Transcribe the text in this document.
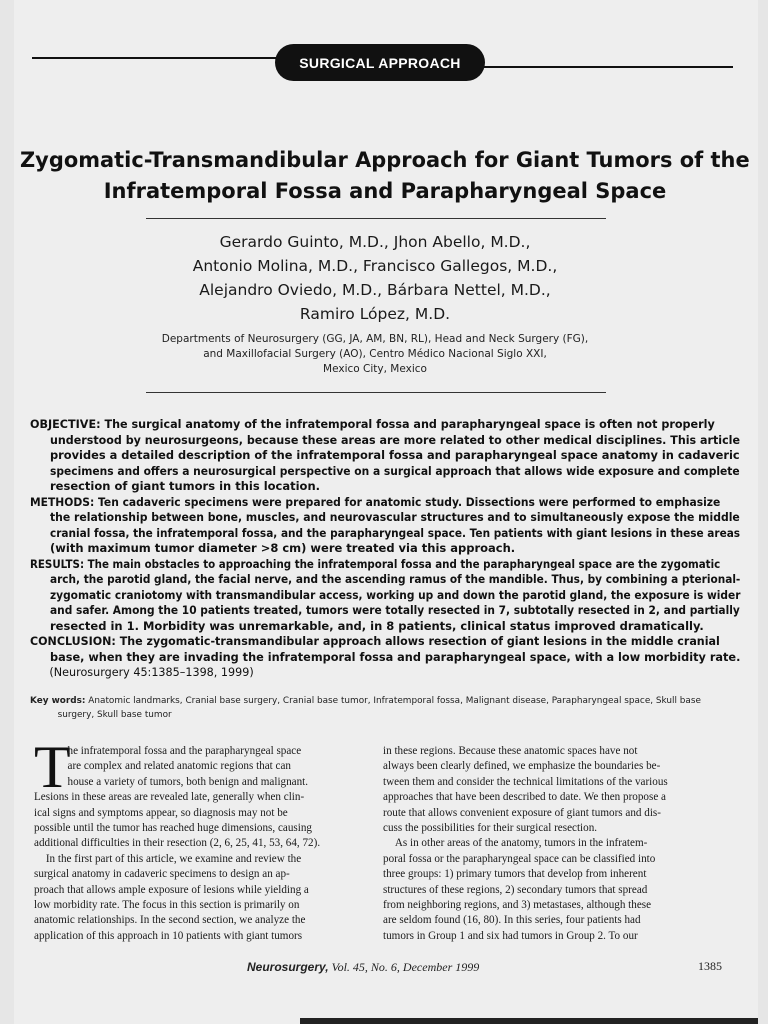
SURGICAL APPROACH
Zygomatic-Transmandibular Approach for Giant Tumors of the
Infratemporal Fossa and Parapharyngeal Space
Gerardo Guinto, M.D., Jhon Abello, M.D.,
Antonio Molina, M.D., Francisco Gallegos, M.D.,
Alejandro Oviedo, M.D., Bárbara Nettel, M.D.,
Ramiro López, M.D.
Departments of Neurosurgery (GG, JA, AM, BN, RL), Head and Neck Surgery (FG),
and Maxillofacial Surgery (AO), Centro Médico Nacional Siglo XXI,
Mexico City, Mexico
OBJECTIVE: The surgical anatomy of the infratemporal fossa and parapharyngeal space is often not properly
understood by neurosurgeons, because these areas are more related to other medical disciplines. This article
provides a detailed description of the infratemporal fossa and parapharyngeal space anatomy in cadaveric
specimens and offers a neurosurgical perspective on a surgical approach that allows wide exposure and complete
resection of giant tumors in this location.
METHODS: Ten cadaveric specimens were prepared for anatomic study. Dissections were performed to emphasize
the relationship between bone, muscles, and neurovascular structures and to simultaneously expose the middle
cranial fossa, the infratemporal fossa, and the parapharyngeal space. Ten patients with giant lesions in these areas
(with maximum tumor diameter >8 cm) were treated via this approach.
RESULTS: The main obstacles to approaching the infratemporal fossa and the parapharyngeal space are the zygomatic
arch, the parotid gland, the facial nerve, and the ascending ramus of the mandible. Thus, by combining a pterional-
zygomatic craniotomy with transmandibular access, working up and down the parotid gland, the exposure is wider
and safer. Among the 10 patients treated, tumors were totally resected in 7, subtotally resected in 2, and partially
resected in 1. Morbidity was unremarkable, and, in 8 patients, clinical status improved dramatically.
CONCLUSION: The zygomatic-transmandibular approach allows resection of giant lesions in the middle cranial
base, when they are invading the infratemporal fossa and parapharyngeal space, with a low morbidity rate.
(Neurosurgery 45:1385–1398, 1999)
Key words: Anatomic landmarks, Cranial base surgery, Cranial base tumor, Infratemporal fossa, Malignant disease, Parapharyngeal space, Skull base
surgery, Skull base tumor
T
he infratemporal fossa and the parapharyngeal space
are complex and related anatomic regions that can
house a variety of tumors, both benign and malignant.
Lesions in these areas are revealed late, generally when clin-
ical signs and symptoms appear, so diagnosis may not be
possible until the tumor has reached huge dimensions, causing
additional difficulties in their resection (2, 6, 25, 41, 53, 64, 72).
In the first part of this article, we examine and review the
surgical anatomy in cadaveric specimens to design an ap-
proach that allows ample exposure of lesions while yielding a
low morbidity rate. The focus in this section is primarily on
anatomic relationships. In the second section, we analyze the
application of this approach in 10 patients with giant tumors
in these regions. Because these anatomic spaces have not
always been clearly defined, we emphasize the boundaries be-
tween them and consider the technical limitations of the various
approaches that have been described to date. We then propose a
route that allows convenient exposure of giant tumors and dis-
cuss the possibilities for their surgical resection.
As in other areas of the anatomy, tumors in the infratem-
poral fossa or the parapharyngeal space can be classified into
three groups: 1) primary tumors that develop from inherent
structures of these regions, 2) secondary tumors that spread
from neighboring regions, and 3) metastases, although these
are seldom found (16, 80). In this series, four patients had
tumors in Group 1 and six had tumors in Group 2. To our
Neurosurgery, Vol. 45, No. 6, December 1999	1385
